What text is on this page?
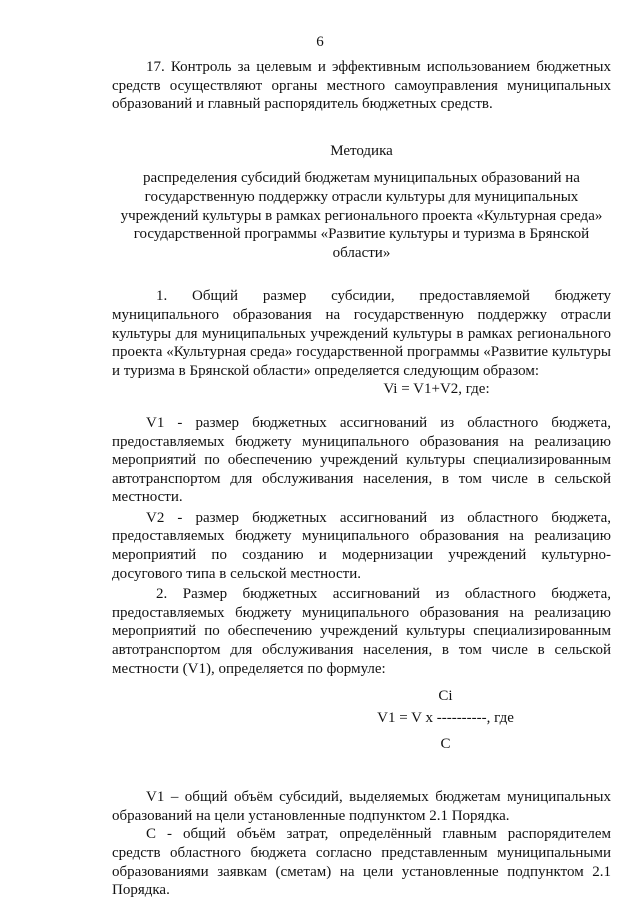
6

17. Контроль за целевым и эффективным использованием бюджетных средств осуществляют органы местного самоуправления муниципальных образований и главный распорядитель бюджетных средств.

Методика

распределения субсидий бюджетам муниципальных образований на государственную поддержку отрасли культуры для муниципальных учреждений культуры в рамках регионального проекта «Культурная среда» государственной программы «Развитие культуры и туризма в Брянской области»

1. Общий размер субсидии, предоставляемой бюджету муниципального образования на государственную поддержку отрасли культуры для муниципальных учреждений культуры в рамках регионального проекта «Культурная среда» государственной программы «Развитие культуры и туризма в Брянской области» определяется следующим образом:

Vi = V1+V2, где:

V1 - размер бюджетных ассигнований из областного бюджета, предоставляемых бюджету муниципального образования на реализацию мероприятий по обеспечению учреждений культуры специализированным автотранспортом для обслуживания населения, в том числе в сельской местности.

V2 - размер бюджетных ассигнований из областного бюджета, предоставляемых бюджету муниципального образования на реализацию мероприятий по созданию и модернизации учреждений культурно-досугового типа в сельской местности.

2. Размер бюджетных ассигнований из областного бюджета, предоставляемых бюджету муниципального образования на реализацию мероприятий по обеспечению учреждений культуры специализированным автотранспортом для обслуживания населения, в том числе в сельской местности (V1), определяется по формуле:

Ci
V1 = V x ----------, где
C

V1 – общий объём субсидий, выделяемых бюджетам муниципальных образований на цели установленные подпунктом 2.1 Порядка.

С - общий объём затрат, определённый главным распорядителем средств областного бюджета согласно представленным муниципальными образованиями заявкам (сметам) на цели установленные подпунктом 2.1 Порядка.
